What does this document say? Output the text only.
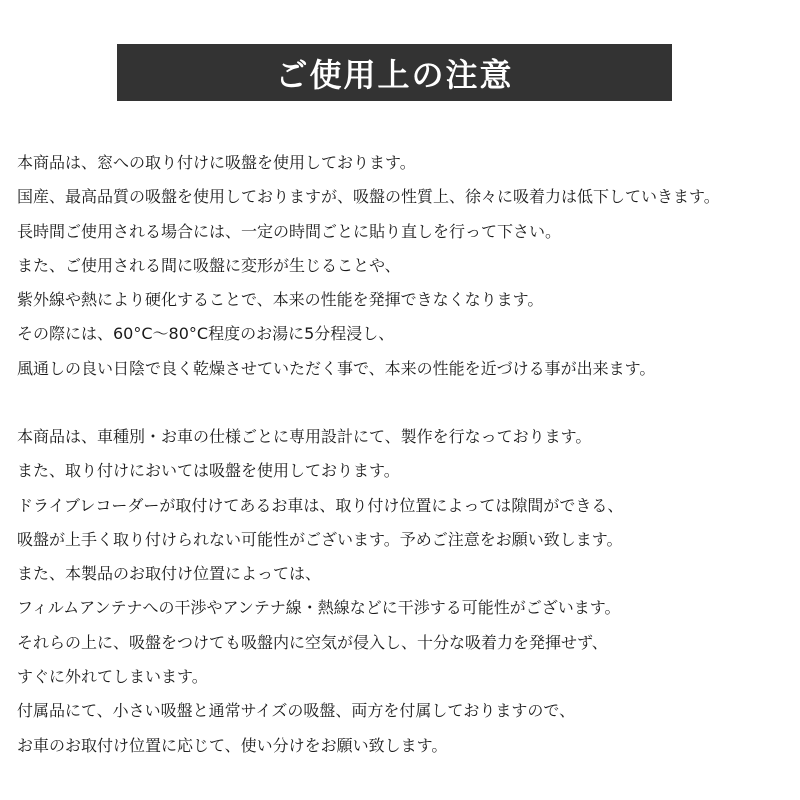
ご使用上の注意
本商品は、窓への取り付けに吸盤を使用しております。
国産、最高品質の吸盤を使用しておりますが、吸盤の性質上、徐々に吸着力は低下していきます。
長時間ご使用される場合には、一定の時間ごとに貼り直しを行って下さい。
また、ご使用される間に吸盤に変形が生じることや、
紫外線や熱により硬化することで、本来の性能を発揮できなくなります。
その際には、60°C～80°C程度のお湯に5分程浸し、
風通しの良い日陰で良く乾燥させていただく事で、本来の性能を近づける事が出来ます。
本商品は、車種別・お車の仕様ごとに専用設計にて、製作を行なっております。
また、取り付けにおいては吸盤を使用しております。
ドライブレコーダーが取付けてあるお車は、取り付け位置によっては隙間ができる、
吸盤が上手く取り付けられない可能性がございます。予めご注意をお願い致します。
また、本製品のお取付け位置によっては、
フィルムアンテナへの干渉やアンテナ線・熱線などに干渉する可能性がございます。
それらの上に、吸盤をつけても吸盤内に空気が侵入し、十分な吸着力を発揮せず、
すぐに外れてしまいます。
付属品にて、小さい吸盤と通常サイズの吸盤、両方を付属しておりますので、
お車のお取付け位置に応じて、使い分けをお願い致します。
